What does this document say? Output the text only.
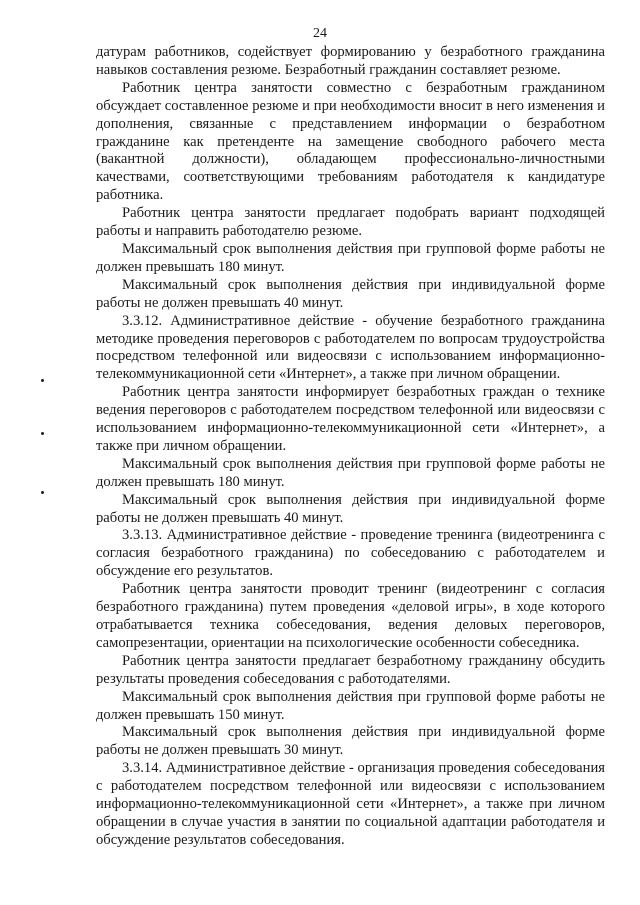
24

датурам работников, содействует формированию у безработного гражданина навыков составления резюме. Безработный гражданин составляет резюме.

Работник центра занятости совместно с безработным гражданином обсуждает составленное резюме и при необходимости вносит в него изменения и дополнения, связанные с представлением информации о безработном гражданине как претенденте на замещение свободного рабочего места (вакантной должности), обладающем профессионально-личностными качествами, соответствующими требованиям работодателя к кандидатуре работника.

Работник центра занятости предлагает подобрать вариант подходящей работы и направить работодателю резюме.

Максимальный срок выполнения действия при групповой форме работы не должен превышать 180 минут.

Максимальный срок выполнения действия при индивидуальной форме работы не должен превышать 40 минут.

3.3.12. Административное действие - обучение безработного гражданина методике проведения переговоров с работодателем по вопросам трудоустройства посредством телефонной или видеосвязи с использованием информационно-телекоммуникационной сети «Интернет», а также при личном обращении.

Работник центра занятости информирует безработных граждан о технике ведения переговоров с работодателем посредством телефонной или видеосвязи с использованием информационно-телекоммуникационной сети «Интернет», а также при личном обращении.

Максимальный срок выполнения действия при групповой форме работы не должен превышать 180 минут.

Максимальный срок выполнения действия при индивидуальной форме работы не должен превышать 40 минут.

3.3.13. Административное действие - проведение тренинга (видеотренинга с согласия безработного гражданина) по собеседованию с работодателем и обсуждение его результатов.

Работник центра занятости проводит тренинг (видеотренинг с согласия безработного гражданина) путем проведения «деловой игры», в ходе которого отрабатывается техника собеседования, ведения деловых переговоров, самопрезентации, ориентации на психологические особенности собеседника.

Работник центра занятости предлагает безработному гражданину обсудить результаты проведения собеседования с работодателями.

Максимальный срок выполнения действия при групповой форме работы не должен превышать 150 минут.

Максимальный срок выполнения действия при индивидуальной форме работы не должен превышать 30 минут.

3.3.14. Административное действие - организация проведения собеседования с работодателем посредством телефонной или видеосвязи с использованием информационно-телекоммуникационной сети «Интернет», а также при личном обращении в случае участия в занятии по социальной адаптации работодателя и обсуждение результатов собеседования.
